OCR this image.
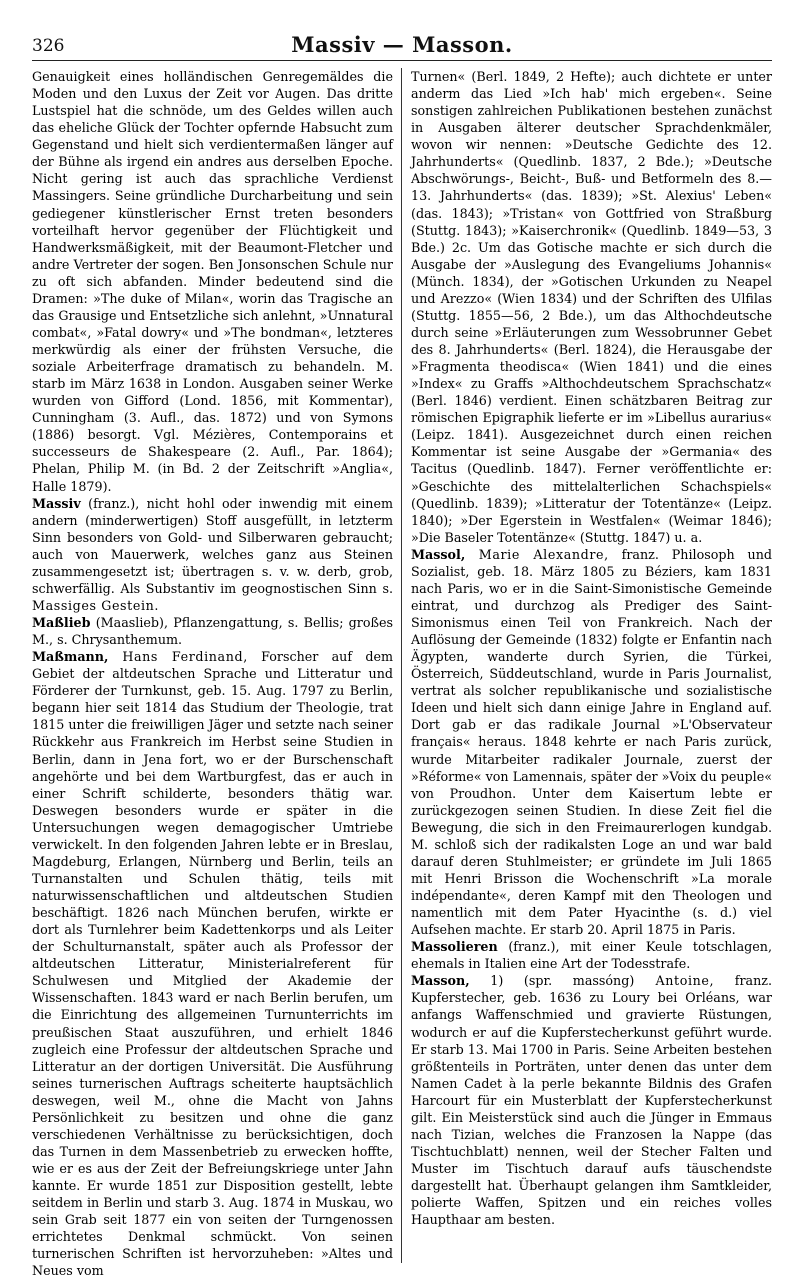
326	Massiv — Masson.

Genauigkeit eines holländischen Genregemäldes die Moden und den Luxus der Zeit vor Augen. Das dritte Lustspiel hat die schnöde, um des Geldes willen auch das eheliche Glück der Tochter opfernde Habsucht zum Gegenstand und hielt sich verdientermaßen länger auf der Bühne als irgend ein andres aus derselben Epoche. Nicht gering ist auch das sprachliche Verdienst Massingers. Seine gründliche Durcharbeitung und sein gediegener künstlerischer Ernst treten besonders vorteilhaft hervor gegenüber der Flüchtigkeit und Handwerksmäßigkeit, mit der Beaumont-Fletcher und andre Vertreter der sogen. Ben Jonsonschen Schule nur zu oft sich abfanden. Minder bedeutend sind die Dramen: »The duke of Milan«, worin das Tragische an das Grausige und Entsetzliche sich anlehnt, »Unnatural combat«, »Fatal dowry« und »The bondman«, letzteres merkwürdig als einer der frühsten Versuche, die soziale Arbeiterfrage dramatisch zu behandeln. M. starb im März 1638 in London. Ausgaben seiner Werke wurden von Gifford (Lond. 1856, mit Kommentar), Cunningham (3. Aufl., das. 1872) und von Symons (1886) besorgt. Vgl. Mézières, Contemporains et successeurs de Shakespeare (2. Aufl., Par. 1864); Phelan, Philip M. (in Bd. 2 der Zeitschrift »Anglia«, Halle 1879).

Massiv (franz.), nicht hohl oder inwendig mit einem andern (minderwertigen) Stoff ausgefüllt, in letzterm Sinn besonders von Gold- und Silberwaren gebraucht; auch von Mauerwerk, welches ganz aus Steinen zusammengesetzt ist; übertragen s. v. w. derb, grob, schwerfällig. Als Substantiv im geognostischen Sinn s. Massiges Gestein.

Maßlieb (Maaslieb), Pflanzengattung, s. Bellis; großes M., s. Chrysanthemum.

Maßmann, Hans Ferdinand, Forscher auf dem Gebiet der altdeutschen Sprache und Litteratur und Förderer der Turnkunst, geb. 15. Aug. 1797 zu Berlin, begann hier seit 1814 das Studium der Theologie, trat 1815 unter die freiwilligen Jäger und setzte nach seiner Rückkehr aus Frankreich im Herbst seine Studien in Berlin, dann in Jena fort, wo er der Burschenschaft angehörte und bei dem Wartburgfest, das er auch in einer Schrift schilderte, besonders thätig war. Deswegen besonders wurde er später in die Untersuchungen wegen demagogischer Umtriebe verwickelt. In den folgenden Jahren lebte er in Breslau, Magdeburg, Erlangen, Nürnberg und Berlin, teils an Turnanstalten und Schulen thätig, teils mit naturwissenschaftlichen und altdeutschen Studien beschäftigt. 1826 nach München berufen, wirkte er dort als Turnlehrer beim Kadettenkorps und als Leiter der Schulturnanstalt, später auch als Professor der altdeutschen Litteratur, Ministerialreferent für Schulwesen und Mitglied der Akademie der Wissenschaften. 1843 ward er nach Berlin berufen, um die Einrichtung des allgemeinen Turnunterrichts im preußischen Staat auszuführen, und erhielt 1846 zugleich eine Professur der altdeutschen Sprache und Litteratur an der dortigen Universität. Die Ausführung seines turnerischen Auftrags scheiterte hauptsächlich deswegen, weil M., ohne die Macht von Jahns Persönlichkeit zu besitzen und ohne die ganz verschiedenen Verhältnisse zu berücksichtigen, doch das Turnen in dem Massenbetrieb zu erwecken hoffte, wie er es aus der Zeit der Befreiungskriege unter Jahn kannte. Er wurde 1851 zur Disposition gestellt, lebte seitdem in Berlin und starb 3. Aug. 1874 in Muskau, wo sein Grab seit 1877 ein von seiten der Turngenossen errichtetes Denkmal schmückt. Von seinen turnerischen Schriften ist hervorzuheben: »Altes und Neues vom

Turnen« (Berl. 1849, 2 Hefte); auch dichtete er unter anderm das Lied »Ich hab' mich ergeben«. Seine sonstigen zahlreichen Publikationen bestehen zunächst in Ausgaben älterer deutscher Sprachdenkmäler, wovon wir nennen: »Deutsche Gedichte des 12. Jahrhunderts« (Quedlinb. 1837, 2 Bde.); »Deutsche Abschwörungs-, Beicht-, Buß- und Betformeln des 8.—13. Jahrhunderts« (das. 1839); »St. Alexius' Leben« (das. 1843); »Tristan« von Gottfried von Straßburg (Stuttg. 1843); »Kaiserchronik« (Quedlinb. 1849—53, 3 Bde.) 2c. Um das Gotische machte er sich durch die Ausgabe der »Auslegung des Evangeliums Johannis« (Münch. 1834), der »Gotischen Urkunden zu Neapel und Arezzo« (Wien 1834) und der Schriften des Ulfilas (Stuttg. 1855—56, 2 Bde.), um das Althochdeutsche durch seine »Erläuterungen zum Wessobrunner Gebet des 8. Jahrhunderts« (Berl. 1824), die Herausgabe der »Fragmenta theodisca« (Wien 1841) und die eines »Index« zu Graffs »Althochdeutschem Sprachschatz« (Berl. 1846) verdient. Einen schätzbaren Beitrag zur römischen Epigraphik lieferte er im »Libellus aurarius« (Leipz. 1841). Ausgezeichnet durch einen reichen Kommentar ist seine Ausgabe der »Germania« des Tacitus (Quedlinb. 1847). Ferner veröffentlichte er: »Geschichte des mittelalterlichen Schachspiels« (Quedlinb. 1839); »Litteratur der Totentänze« (Leipz. 1840); »Der Egerstein in Westfalen« (Weimar 1846); »Die Baseler Totentänze« (Stuttg. 1847) u. a.

Massol, Marie Alexandre, franz. Philosoph und Sozialist, geb. 18. März 1805 zu Béziers, kam 1831 nach Paris, wo er in die Saint-Simonistische Gemeinde eintrat, und durchzog als Prediger des Saint-Simonismus einen Teil von Frankreich. Nach der Auflösung der Gemeinde (1832) folgte er Enfantin nach Ägypten, wanderte durch Syrien, die Türkei, Österreich, Süddeutschland, wurde in Paris Journalist, vertrat als solcher republikanische und sozialistische Ideen und hielt sich dann einige Jahre in England auf. Dort gab er das radikale Journal »L'Observateur français« heraus. 1848 kehrte er nach Paris zurück, wurde Mitarbeiter radikaler Journale, zuerst der »Réforme« von Lamennais, später der »Voix du peuple« von Proudhon. Unter dem Kaisertum lebte er zurückgezogen seinen Studien. In diese Zeit fiel die Bewegung, die sich in den Freimaurerlogen kundgab. M. schloß sich der radikalsten Loge an und war bald darauf deren Stuhlmeister; er gründete im Juli 1865 mit Henri Brisson die Wochenschrift »La morale indépendante«, deren Kampf mit den Theologen und namentlich mit dem Pater Hyacinthe (s. d.) viel Aufsehen machte. Er starb 20. April 1875 in Paris.

Massolieren (franz.), mit einer Keule totschlagen, ehemals in Italien eine Art der Todesstrafe.

Masson, 1) (spr. massóng) Antoine, franz. Kupferstecher, geb. 1636 zu Loury bei Orléans, war anfangs Waffenschmied und gravierte Rüstungen, wodurch er auf die Kupferstecherkunst geführt wurde. Er starb 13. Mai 1700 in Paris. Seine Arbeiten bestehen größtenteils in Porträten, unter denen das unter dem Namen Cadet à la perle bekannte Bildnis des Grafen Harcourt für ein Musterblatt der Kupferstecherkunst gilt. Ein Meisterstück sind auch die Jünger in Emmaus nach Tizian, welches die Franzosen la Nappe (das Tischtuchblatt) nennen, weil der Stecher Falten und Muster im Tischtuch darauf aufs täuschendste dargestellt hat. Überhaupt gelangen ihm Samtkleider, polierte Waffen, Spitzen und ein reiches volles Haupthaar am besten.
